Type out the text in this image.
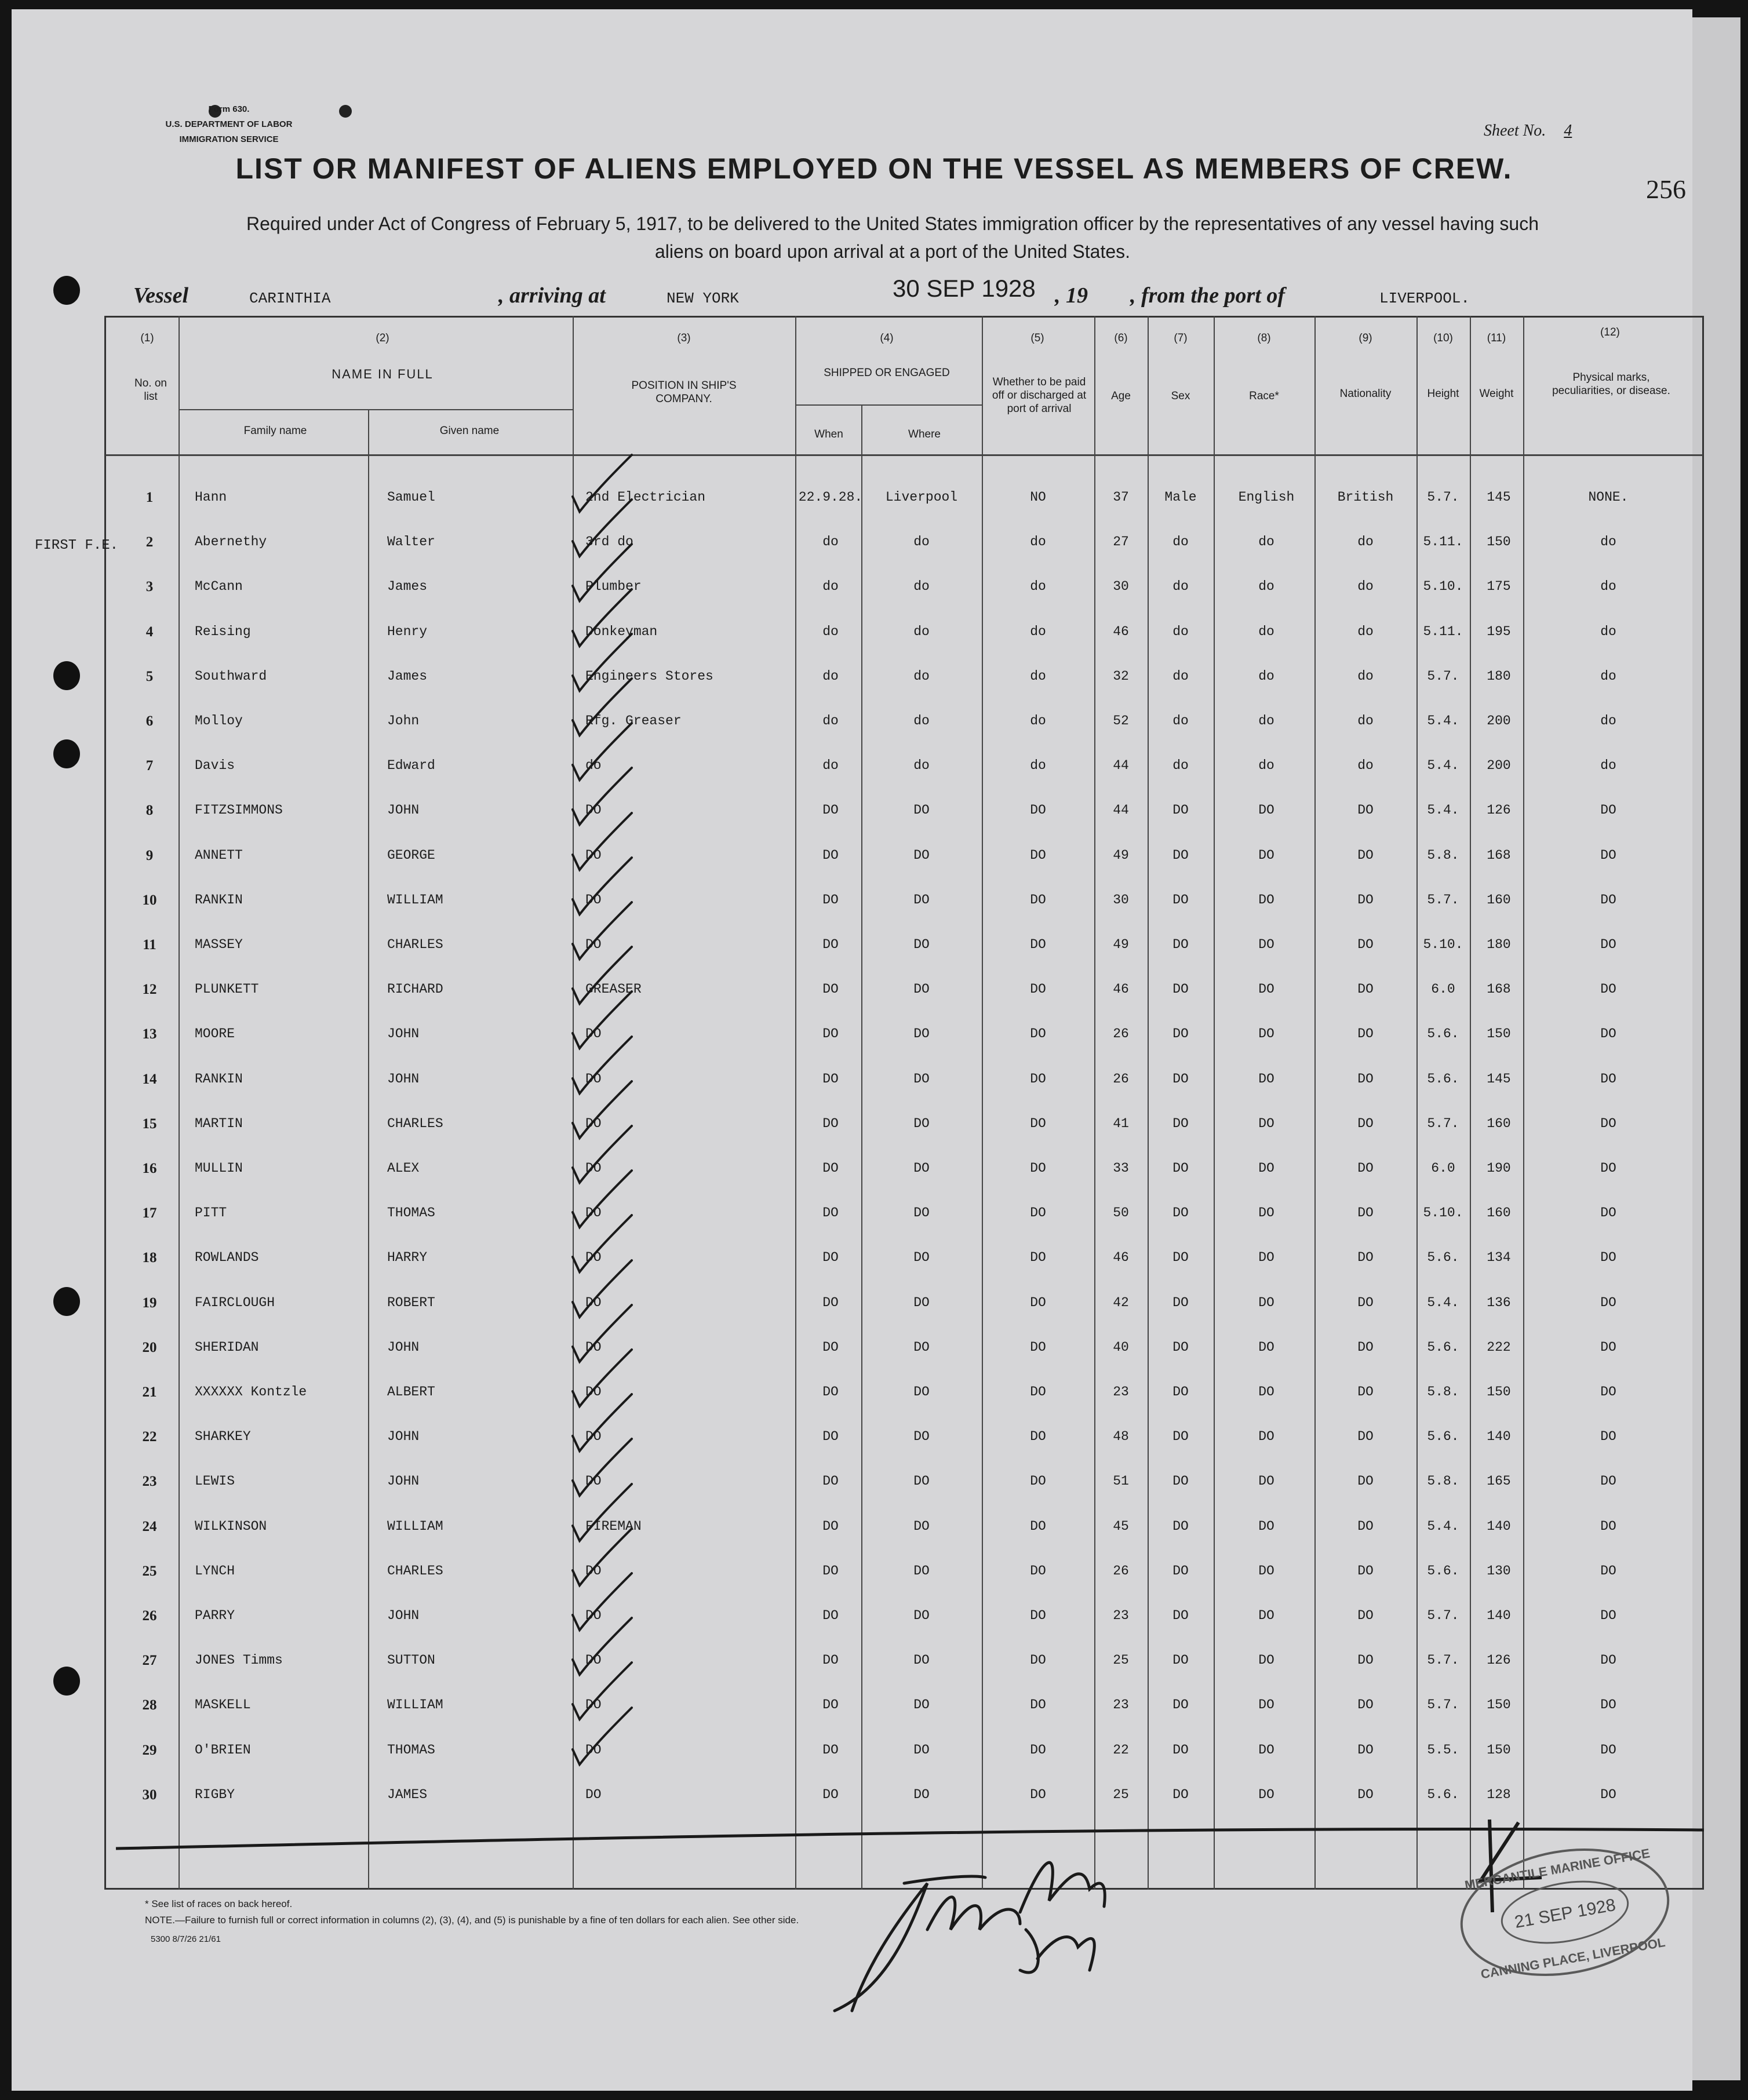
Form 630.
U.S. DEPARTMENT OF LABOR
IMMIGRATION SERVICE	Sheet No. 4
LIST OR MANIFEST OF ALIENS EMPLOYED ON THE VESSEL AS MEMBERS OF CREW.
256
Required under Act of Congress of February 5, 1917, to be delivered to the United States immigration officer by the representatives of any vessel having such
aliens on board upon arrival at a port of the United States.
Vessel	CARINTHIA	, arriving at	NEW YORK	30 SEP 1928 , 19 , from the port of	LIVERPOOL.
(1)
No. on list
(2)
NAME IN FULL
Family name	Given name
(3)
POSITION IN SHIP'S COMPANY.
(4)
SHIPPED OR ENGAGED
When	Where
(5)
Whether to be paid off or discharged at port of arrival
(6)
Age
(7)
Sex
(8)
Race*
(9)
Nationality
(10)
Height
(11)
Weight
(12)
Physical marks, peculiarities, or disease.
FIRST F.E.
1	Hann	Samuel	2nd Electrician	22.9.28. Liverpool	NO	37	Male	English	British	5.7. 145	NONE.
2	Abernethy	Walter	3rd do	do	do	do	27	do	do	do	5.11. 150	do
3	McCann	James	Plumber	do	do	do	30	do	do	do	5.10. 175	do
4	Reising	Henry	Donkeyman	do	do	do	46	do	do	do	5.11. 195	do
5	Southward	James	Engineers Stores	do	do	do	32	do	do	do	5.7. 180	do
6	Molloy	John	Rfg. Greaser	do	do	do	52	do	do	do	5.4. 200	do
7	Davis	Edward	do	do	do	do	44	do	do	do	5.4. 200	do
8	FITZSIMMONS	JOHN	DO	DO	DO	DO	44	DO	DO	DO	5.4. 126	DO
9	ANNETT	GEORGE	DO	DO	DO	DO	49	DO	DO	DO	5.8. 168	DO
10	RANKIN	WILLIAM	DO	DO	DO	DO	30	DO	DO	DO	5.7. 160	DO
11	MASSEY	CHARLES	DO	DO	DO	DO	49	DO	DO	DO	5.10. 180	DO
12	PLUNKETT	RICHARD	GREASER	DO	DO	DO	46	DO	DO	DO	6.0 168	DO
13	MOORE	JOHN	DO	DO	DO	DO	26	DO	DO	DO	5.6. 150	DO
14	RANKIN	JOHN	DO	DO	DO	DO	26	DO	DO	DO	5.6. 145	DO
15	MARTIN	CHARLES	DO	DO	DO	DO	41	DO	DO	DO	5.7. 160	DO
16	MULLIN	ALEX	DO	DO	DO	DO	33	DO	DO	DO	6.0 190	DO
17	PITT	THOMAS	DO	DO	DO	DO	50	DO	DO	DO	5.10. 160	DO
18	ROWLANDS	HARRY	DO	DO	DO	DO	46	DO	DO	DO	5.6. 134	DO
19	FAIRCLOUGH	ROBERT	DO	DO	DO	DO	42	DO	DO	DO	5.4. 136	DO
20	SHERIDAN	JOHN	DO	DO	DO	DO	40	DO	DO	DO	5.6. 222	DO
21	XXXXXX Kontzle	ALBERT	DO	DO	DO	DO	23	DO	DO	DO	5.8. 150	DO
22	SHARKEY	JOHN	DO	DO	DO	DO	48	DO	DO	DO	5.6. 140	DO
23	LEWIS	JOHN	DO	DO	DO	DO	51	DO	DO	DO	5.8. 165	DO
24	WILKINSON	WILLIAM	FIREMAN	DO	DO	DO	45	DO	DO	DO	5.4. 140	DO
25	LYNCH	CHARLES	DO	DO	DO	DO	26	DO	DO	DO	5.6. 130	DO
26	PARRY	JOHN	DO	DO	DO	DO	23	DO	DO	DO	5.7. 140	DO
27	JONES Timms	SUTTON	DO	DO	DO	DO	25	DO	DO	DO	5.7. 126	DO
28	MASKELL	WILLIAM	DO	DO	DO	DO	23	DO	DO	DO	5.7. 150	DO
29	O'BRIEN	THOMAS	DO	DO	DO	DO	22	DO	DO	DO	5.5. 150	DO
30	RIGBY	JAMES	DO	DO	DO	DO	25	DO	DO	DO	5.6. 128	DO
Thos King
MERCANTILE MARINE OFFICE
21 SEP 1928
CANNING PLACE, LIVERPOOL
* See list of races on back hereof.
NOTE.—Failure to furnish full or correct information in columns (2), (3), (4), and (5) is punishable by a fine of ten dollars for each alien. See other side.
5300 8/7/26 21/61
